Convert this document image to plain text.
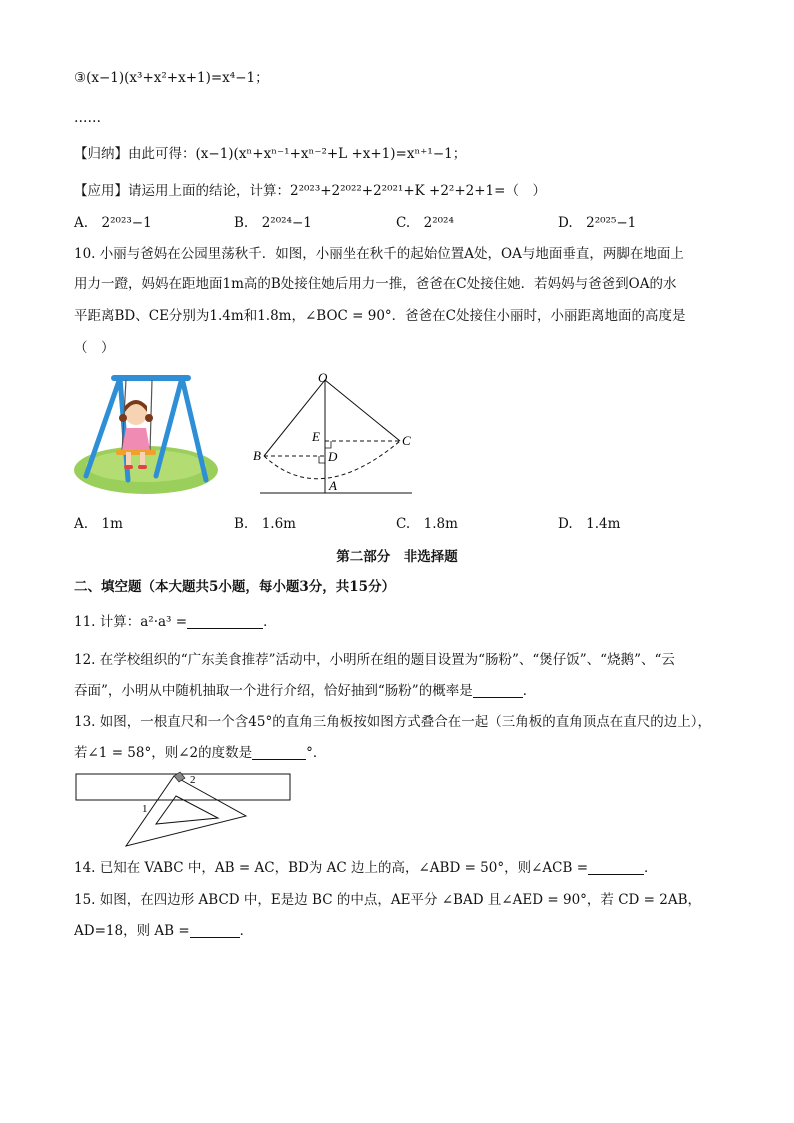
③(x−1)(x³+x²+x+1)=x⁴−1；
……
【归纳】由此可得：(x−1)(xⁿ+xⁿ⁻¹+xⁿ⁻²+L +x+1)=xⁿ⁺¹−1；
【应用】请运用上面的结论，计算：2²⁰²³+2²⁰²²+2²⁰²¹+K +2²+2+1=（　）
A.　2²⁰²³−1	B.　2²⁰²⁴−1	C.　2²⁰²⁴	D.　2²⁰²⁵−1
10. 小丽与爸妈在公园里荡秋千．如图，小丽坐在秋千的起始位置A处，OA与地面垂直，两脚在地面上
用力一蹬，妈妈在距地面1m高的B处接住她后用力一推，爸爸在C处接住她．若妈妈与爸爸到OA的水
平距离BD、CE分别为1.4m和1.8m，∠BOC = 90°．爸爸在C处接住小丽时，小丽距离地面的高度是
（　）
O
E	C
B	D
A
A.　1m	B.　1.6m	C.　1.8m	D.　1.4m
第二部分　非选择题
二、填空题（本大题共5小题，每小题3分，共15分）
11. 计算：a²·a³ =	．
12. 在学校组织的“广东美食推荐”活动中，小明所在组的题目设置为“肠粉”、“煲仔饭”、“烧鹅”、“云
吞面”，小明从中随机抽取一个进行介绍，恰好抽到“肠粉”的概率是	．
13. 如图，一根直尺和一个含45°的直角三角板按如图方式叠合在一起（三角板的直角顶点在直尺的边上），
若∠1 = 58°，则∠2的度数是	°．
1
2
14. 已知在 VABC 中，AB = AC，BD为 AC 边上的高，∠ABD = 50°，则∠ACB =	．
15. 如图，在四边形 ABCD 中，E是边 BC 的中点，AE平分 ∠BAD 且∠AED = 90°，若 CD = 2AB，
AD=18，则 AB =	．
